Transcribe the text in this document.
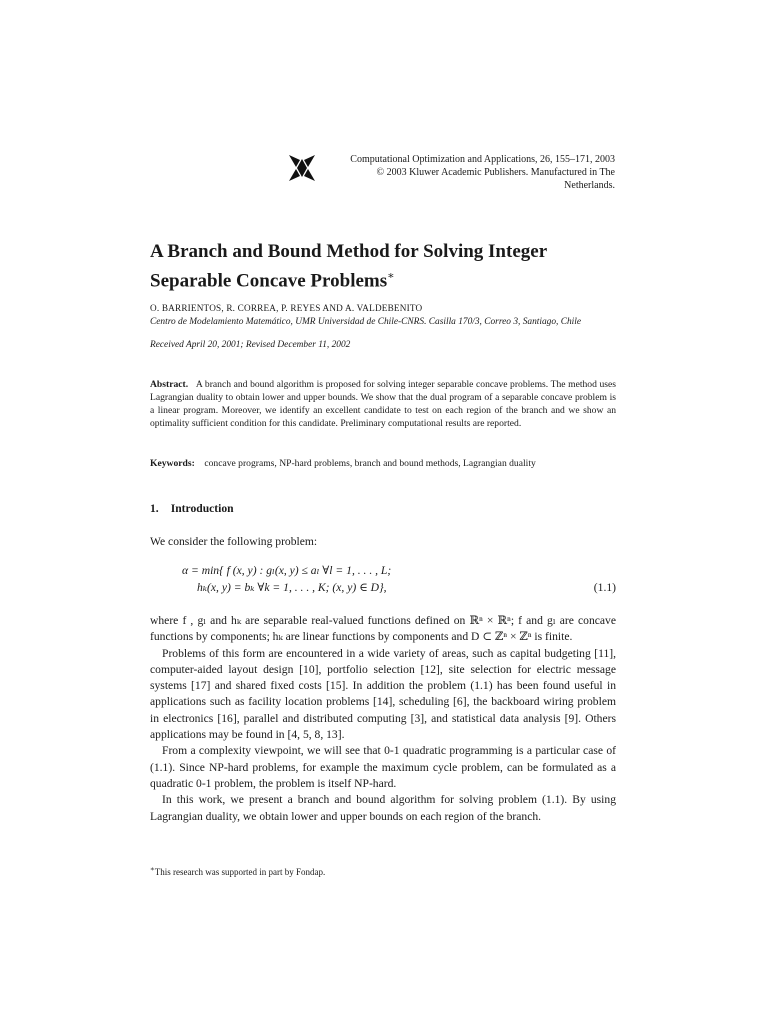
Computational Optimization and Applications, 26, 155–171, 2003
© 2003 Kluwer Academic Publishers. Manufactured in The Netherlands.
A Branch and Bound Method for Solving Integer
Separable Concave Problems∗
O. BARRIENTOS, R. CORREA, P. REYES AND A. VALDEBENITO
Centro de Modelamiento Matemático, UMR Universidad de Chile-CNRS. Casilla 170/3, Correo 3, Santiago, Chile
Received April 20, 2001; Revised December 11, 2002
Abstract. A branch and bound algorithm is proposed for solving integer separable concave problems. The method uses Lagrangian duality to obtain lower and upper bounds. We show that the dual program of a separable concave problem is a linear program. Moreover, we identify an excellent candidate to test on each region of the branch and we show an optimality sufficient condition for this candidate. Preliminary computational results are reported.
Keywords: concave programs, NP-hard problems, branch and bound methods, Lagrangian duality
1. Introduction
We consider the following problem:
α = min{ f (x, y) : gₗ(x, y) ≤ aₗ ∀l = 1, . . . , L;
hₖ(x, y) = bₖ ∀k = 1, . . . , K; (x, y) ∈ D},	(1.1)

where f , gₗ and hₖ are separable real-valued functions defined on ℝⁿ × ℝⁿ; f and gₗ are concave functions by components; hₖ are linear functions by components and D ⊂ ℤⁿ × ℤⁿ is finite.

Problems of this form are encountered in a wide variety of areas, such as capital budgeting [11], computer-aided layout design [10], portfolio selection [12], site selection for electric message systems [17] and shared fixed costs [15]. In addition the problem (1.1) has been found useful in applications such as facility location problems [14], scheduling [6], the backboard wiring problem in electronics [16], parallel and distributed computing [3], and statistical data analysis [9]. Others applications may be found in [4, 5, 8, 13].

From a complexity viewpoint, we will see that 0-1 quadratic programming is a particular case of (1.1). Since NP-hard problems, for example the maximum cycle problem, can be formulated as a quadratic 0-1 problem, the problem is itself NP-hard.

In this work, we present a branch and bound algorithm for solving problem (1.1). By using Lagrangian duality, we obtain lower and upper bounds on each region of the branch.

∗This research was supported in part by Fondap.
